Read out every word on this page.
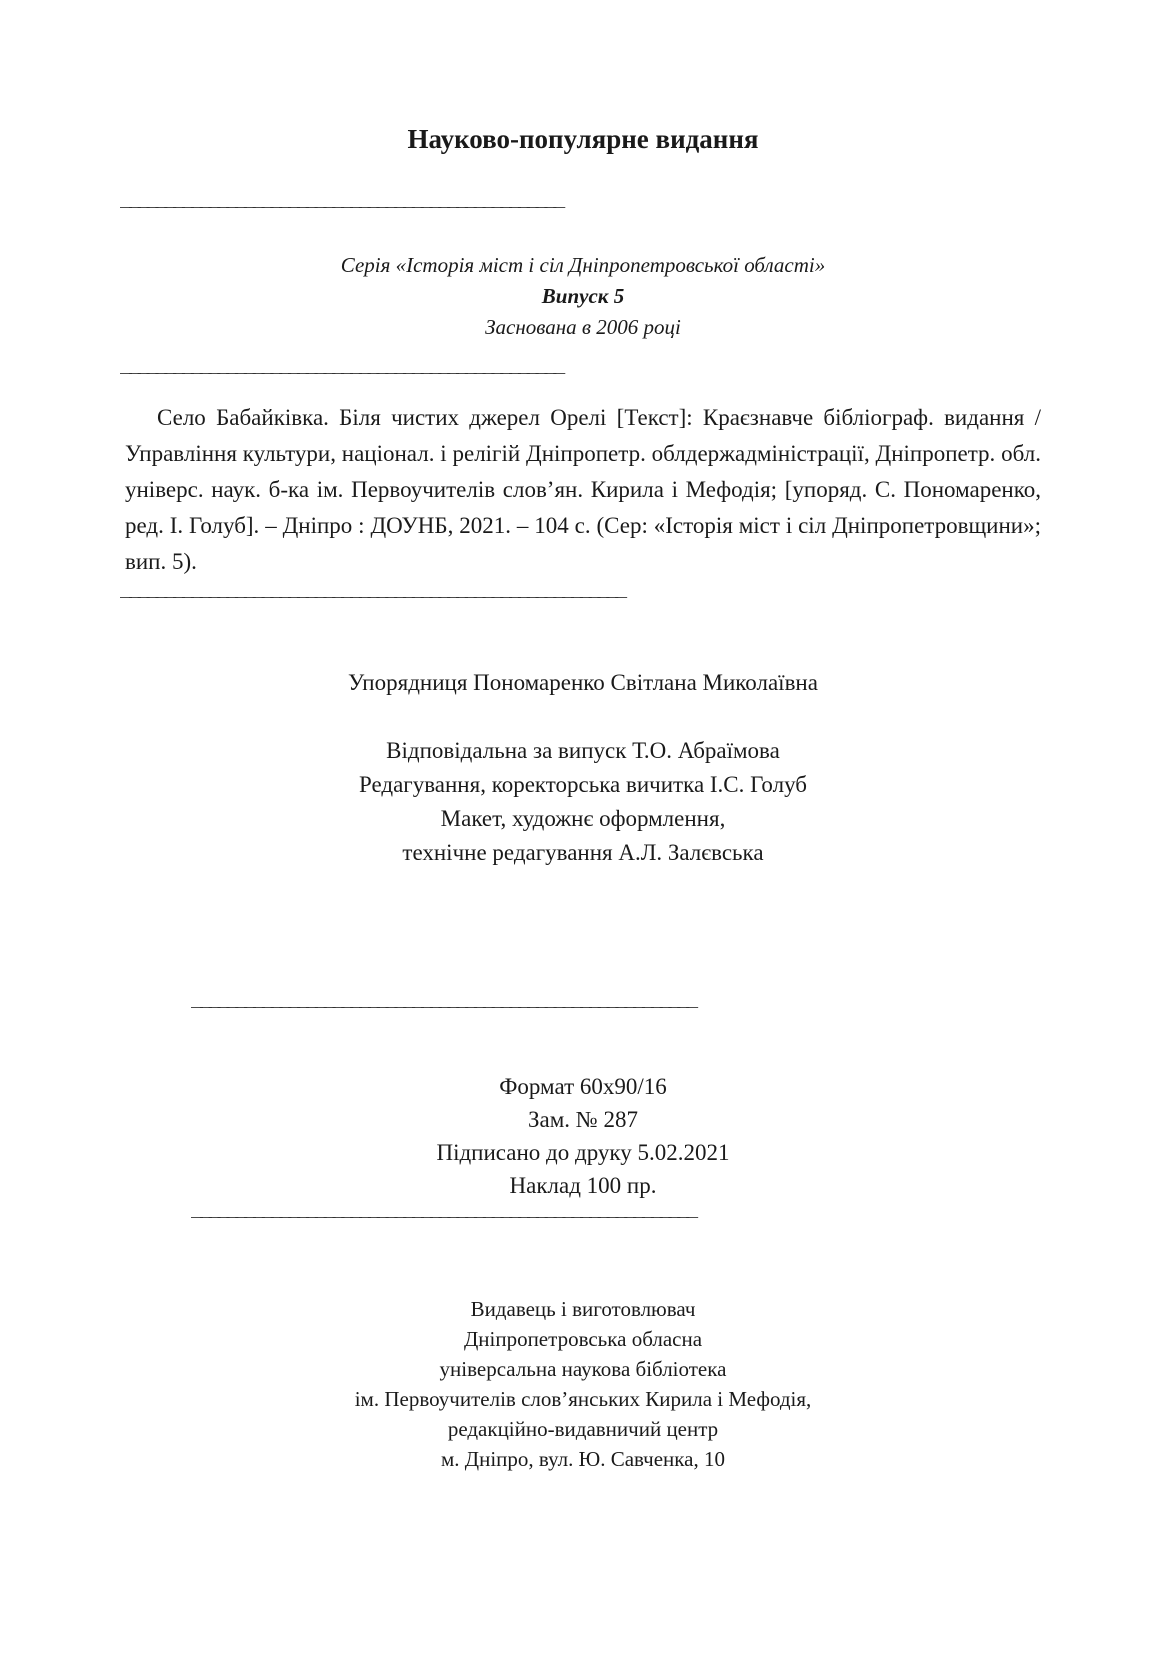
Науково-популярне видання
__________________________________________________
Серія «Історія міст і сіл Дніпропетровської області»
Випуск 5
Заснована в 2006 році
__________________________________________________

Село Бабайківка. Біля чистих джерел Орелі [Текст]: Краєзнавче бібліограф. видання / Управління культури, націонал. і релігій Дніпропетр. облдержадміністрації, Дніпропетр. обл. універс. наук. б-ка ім. Первоучителів слов’ян. Кирила і Мефодія; [упоряд. С. Пономаренко, ред. І. Голуб]. – Дніпро : ДОУНБ, 2021. – 104 с. (Сер: «Історія міст і сіл Дніпропетровщини»; вип. 5).

_________________________________________________________
Упорядниця Пономаренко Світлана Миколаївна
Відповідальна за випуск Т.О. Абраїмова
Редагування, коректорська вичитка І.С. Голуб
Макет, художнє оформлення,
технічне редагування А.Л. Залєвська
_________________________________________________________
Формат 60х90/16
Зам. № 287
Підписано до друку 5.02.2021
Наклад 100 пр.
_________________________________________________________
Видавець і виготовлювач
Дніпропетровська обласна
універсальна наукова бібліотека
ім. Первоучителів слов’янських Кирила і Мефодія,
редакційно-видавничий центр
м. Дніпро, вул. Ю. Савченка, 10
